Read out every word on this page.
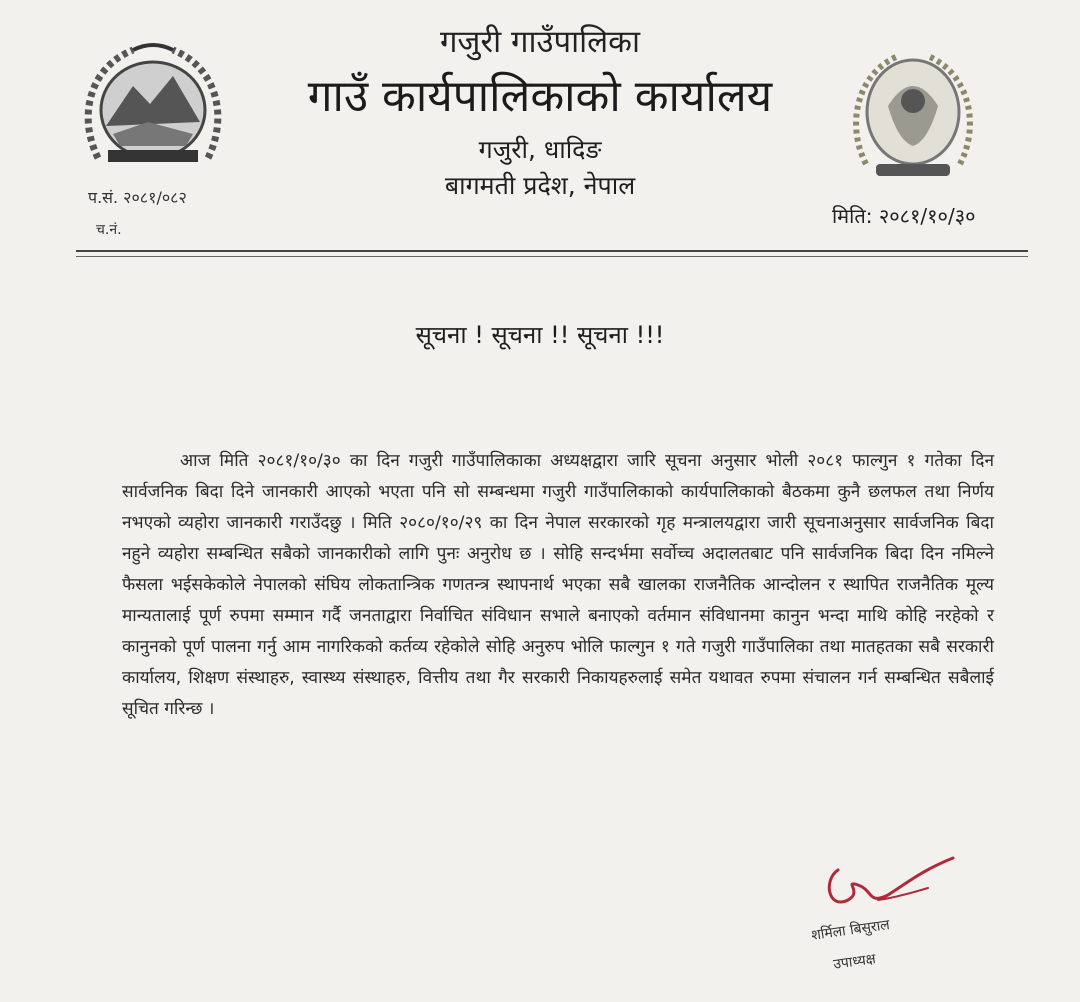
गजुरी गाउँपालिका
गाउँ कार्यपालिकाको कार्यालय
गजुरी, धादिङ
बागमती प्रदेश, नेपाल
प.सं. २०८१/०८२
च.नं.
मिति: २०८१/१०/३०
सूचना ! सूचना !! सूचना !!!
आज मिति २०८१/१०/३० का दिन गजुरी गाउँपालिकाका अध्यक्षद्वारा जारि सूचना अनुसार भोली २०८१ फाल्गुन १ गतेका दिन सार्वजनिक बिदा दिने जानकारी आएको भएता पनि सो सम्बन्धमा गजुरी गाउँपालिकाको कार्यपालिकाको बैठकमा कुनै छलफल तथा निर्णय नभएको व्यहोरा जानकारी गराउँदछु । मिति २०८०/१०/२९ का दिन नेपाल सरकारको गृह मन्त्रालयद्वारा जारी सूचनाअनुसार सार्वजनिक बिदा नहुने व्यहोरा सम्बन्धित सबैको जानकारीको लागि पुनः अनुरोध छ । सोहि सन्दर्भमा सर्वोच्च अदालतबाट पनि सार्वजनिक बिदा दिन नमिल्ने फैसला भईसकेकोले नेपालको संघिय लोकतान्त्रिक गणतन्त्र स्थापनार्थ भएका सबै खालका राजनैतिक आन्दोलन र स्थापित राजनैतिक मूल्य मान्यतालाई पूर्ण रुपमा सम्मान गर्दै जनताद्वारा निर्वाचित संविधान सभाले बनाएको वर्तमान संविधानमा कानुन भन्दा माथि कोहि नरहेको र कानुनको पूर्ण पालना गर्नु आम नागरिकको कर्तव्य रहेकोले सोहि अनुरुप भोलि फाल्गुन १ गते गजुरी गाउँपालिका तथा मातहतका सबै सरकारी कार्यालय, शिक्षण संस्थाहरु, स्वास्थ्य संस्थाहरु, वित्तीय तथा गैर सरकारी निकायहरुलाई समेत यथावत रुपमा संचालन गर्न सम्बन्धित सबैलाई सूचित गरिन्छ ।
शर्मिला बिसुराल
उपाध्यक्ष
